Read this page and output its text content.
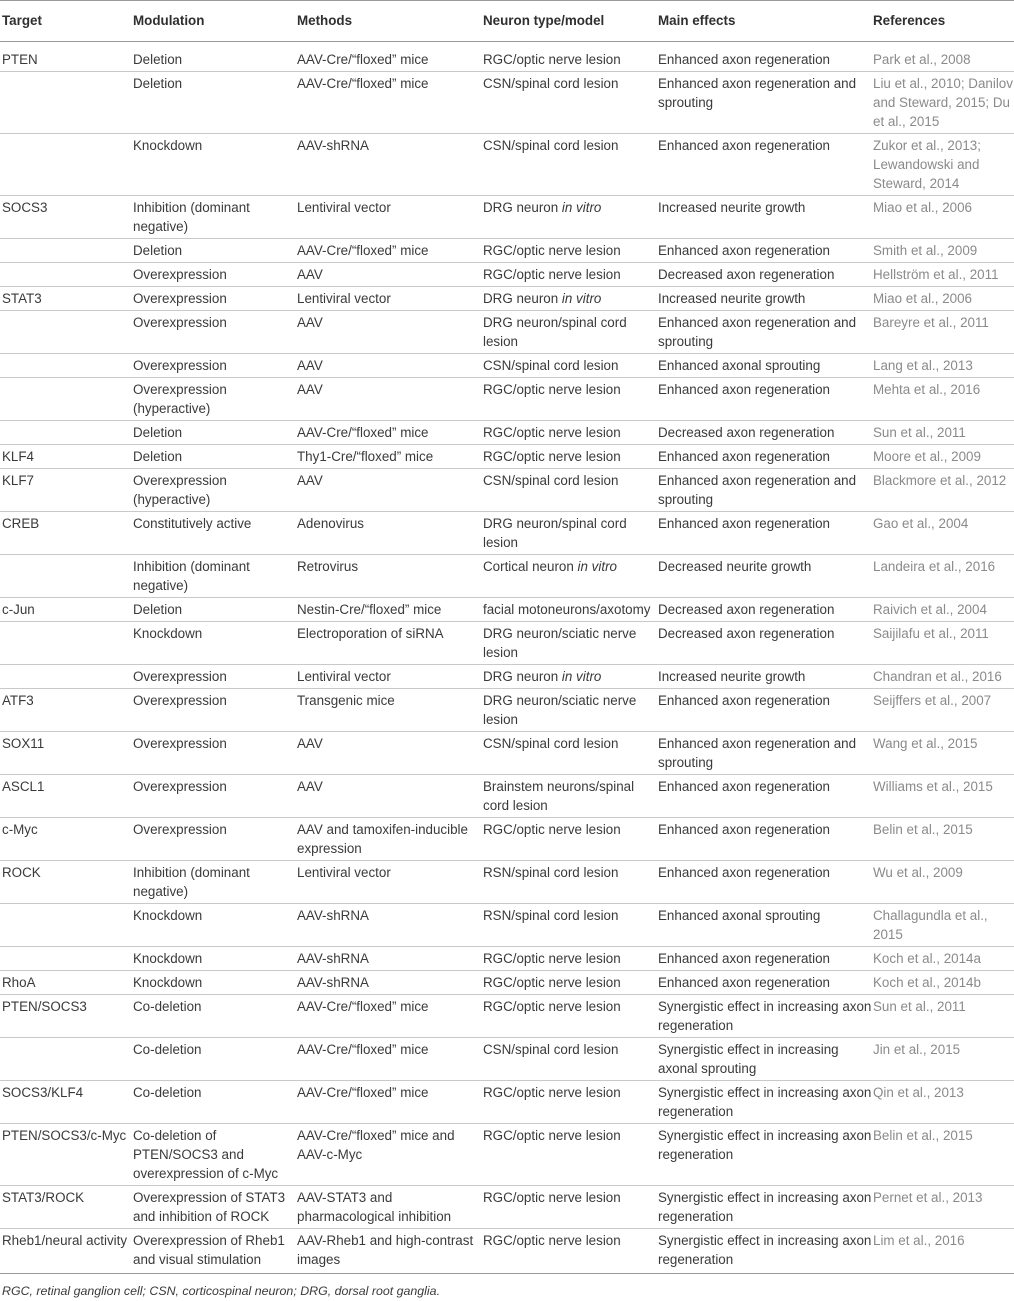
Target	Modulation	Methods	Neuron type/model	Main effects	References
PTEN	Deletion	AAV-Cre/“floxed” mice	RGC/optic nerve lesion	Enhanced axon regeneration	Park et al., 2008
	Deletion	AAV-Cre/“floxed” mice	CSN/spinal cord lesion	Enhanced axon regeneration and sprouting	Liu et al., 2010; Danilov and Steward, 2015; Du et al., 2015
	Knockdown	AAV-shRNA	CSN/spinal cord lesion	Enhanced axon regeneration	Zukor et al., 2013; Lewandowski and Steward, 2014
SOCS3	Inhibition (dominant negative)	Lentiviral vector	DRG neuron in vitro	Increased neurite growth	Miao et al., 2006
	Deletion	AAV-Cre/“floxed” mice	RGC/optic nerve lesion	Enhanced axon regeneration	Smith et al., 2009
	Overexpression	AAV	RGC/optic nerve lesion	Decreased axon regeneration	Hellström et al., 2011
STAT3	Overexpression	Lentiviral vector	DRG neuron in vitro	Increased neurite growth	Miao et al., 2006
	Overexpression	AAV	DRG neuron/spinal cord lesion	Enhanced axon regeneration and sprouting	Bareyre et al., 2011
	Overexpression	AAV	CSN/spinal cord lesion	Enhanced axonal sprouting	Lang et al., 2013
	Overexpression (hyperactive)	AAV	RGC/optic nerve lesion	Enhanced axon regeneration	Mehta et al., 2016
	Deletion	AAV-Cre/“floxed” mice	RGC/optic nerve lesion	Decreased axon regeneration	Sun et al., 2011
KLF4	Deletion	Thy1-Cre/“floxed” mice	RGC/optic nerve lesion	Enhanced axon regeneration	Moore et al., 2009
KLF7	Overexpression (hyperactive)	AAV	CSN/spinal cord lesion	Enhanced axon regeneration and sprouting	Blackmore et al., 2012
CREB	Constitutively active	Adenovirus	DRG neuron/spinal cord lesion	Enhanced axon regeneration	Gao et al., 2004
	Inhibition (dominant negative)	Retrovirus	Cortical neuron in vitro	Decreased neurite growth	Landeira et al., 2016
c-Jun	Deletion	Nestin-Cre/“floxed” mice	facial motoneurons/axotomy	Decreased axon regeneration	Raivich et al., 2004
	Knockdown	Electroporation of siRNA	DRG neuron/sciatic nerve lesion	Decreased axon regeneration	Saijilafu et al., 2011
	Overexpression	Lentiviral vector	DRG neuron in vitro	Increased neurite growth	Chandran et al., 2016
ATF3	Overexpression	Transgenic mice	DRG neuron/sciatic nerve lesion	Enhanced axon regeneration	Seijffers et al., 2007
SOX11	Overexpression	AAV	CSN/spinal cord lesion	Enhanced axon regeneration and sprouting	Wang et al., 2015
ASCL1	Overexpression	AAV	Brainstem neurons/spinal cord lesion	Enhanced axon regeneration	Williams et al., 2015
c-Myc	Overexpression	AAV and tamoxifen-inducible expression	RGC/optic nerve lesion	Enhanced axon regeneration	Belin et al., 2015
ROCK	Inhibition (dominant negative)	Lentiviral vector	RSN/spinal cord lesion	Enhanced axon regeneration	Wu et al., 2009
	Knockdown	AAV-shRNA	RSN/spinal cord lesion	Enhanced axonal sprouting	Challagundla et al., 2015
	Knockdown	AAV-shRNA	RGC/optic nerve lesion	Enhanced axon regeneration	Koch et al., 2014a
RhoA	Knockdown	AAV-shRNA	RGC/optic nerve lesion	Enhanced axon regeneration	Koch et al., 2014b
PTEN/SOCS3	Co-deletion	AAV-Cre/“floxed” mice	RGC/optic nerve lesion	Synergistic effect in increasing axon regeneration	Sun et al., 2011
	Co-deletion	AAV-Cre/“floxed” mice	CSN/spinal cord lesion	Synergistic effect in increasing axonal sprouting	Jin et al., 2015
SOCS3/KLF4	Co-deletion	AAV-Cre/“floxed” mice	RGC/optic nerve lesion	Synergistic effect in increasing axon regeneration	Qin et al., 2013
PTEN/SOCS3/c-Myc	Co-deletion of PTEN/SOCS3 and overexpression of c-Myc	AAV-Cre/“floxed” mice and AAV-c-Myc	RGC/optic nerve lesion	Synergistic effect in increasing axon regeneration	Belin et al., 2015
STAT3/ROCK	Overexpression of STAT3 and inhibition of ROCK	AAV-STAT3 and pharmacological inhibition	RGC/optic nerve lesion	Synergistic effect in increasing axon regeneration	Pernet et al., 2013
Rheb1/neural activity	Overexpression of Rheb1 and visual stimulation	AAV-Rheb1 and high-contrast images	RGC/optic nerve lesion	Synergistic effect in increasing axon regeneration	Lim et al., 2016
RGC, retinal ganglion cell; CSN, corticospinal neuron; DRG, dorsal root ganglia.
